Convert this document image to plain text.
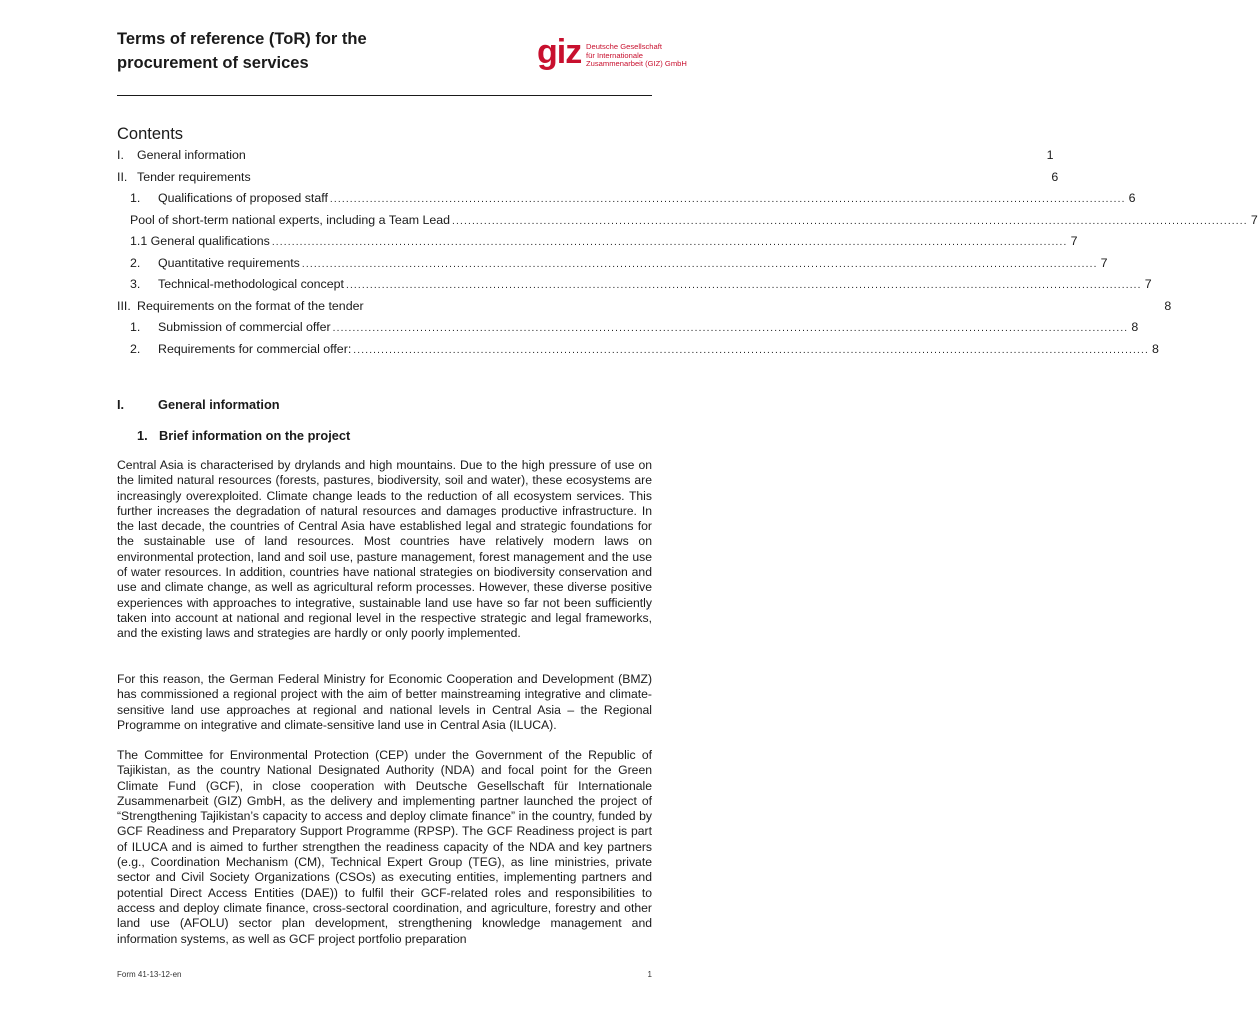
Terms of reference (ToR) for the
procurement of services	giz Deutsche Gesellschaft
für Internationale
Zusammenarbeit (GIZ) GmbH
Contents
I.	General information	1
II. Tender requirements	6
1.	Qualifications of proposed staff ........................................................................................................................................................................................................ 6
Pool of short-term national experts, including a Team Lead ........................................................................................................................................................................................................ 7
1.1 General qualifications ........................................................................................................................................................................................................ 7
2.	Quantitative requirements ........................................................................................................................................................................................................ 7
3.	Technical-methodological concept ........................................................................................................................................................................................................ 7
III. Requirements on the format of the tender	8
1.	Submission of commercial offer ........................................................................................................................................................................................................ 8
2.	Requirements for commercial offer: ........................................................................................................................................................................................................ 8
I.	General information
1. Brief information on the project

Central Asia is characterised by drylands and high mountains. Due to the high pressure of use on the limited natural resources (forests, pastures, biodiversity, soil and water), these ecosystems are increasingly overexploited. Climate change leads to the reduction of all ecosystem services. This further increases the degradation of natural resources and damages productive infrastructure. In the last decade, the countries of Central Asia have established legal and strategic foundations for the sustainable use of land resources. Most countries have relatively modern laws on environmental protection, land and soil use, pasture management, forest management and the use of water resources. In addition, countries have national strategies on biodiversity conservation and use and climate change, as well as agricultural reform processes. However, these diverse positive experiences with approaches to integrative, sustainable land use have so far not been sufficiently taken into account at national and regional level in the respective strategic and legal frameworks, and the existing laws and strategies are hardly or only poorly implemented.

For this reason, the German Federal Ministry for Economic Cooperation and Development (BMZ) has commissioned a regional project with the aim of better mainstreaming integrative and climate-sensitive land use approaches at regional and national levels in Central Asia – the Regional Programme on integrative and climate-sensitive land use in Central Asia (ILUCA).

The Committee for Environmental Protection (CEP) under the Government of the Republic of Tajikistan, as the country National Designated Authority (NDA) and focal point for the Green Climate Fund (GCF), in close cooperation with Deutsche Gesellschaft für Internationale Zusammenarbeit (GIZ) GmbH, as the delivery and implementing partner launched the project of “Strengthening Tajikistan’s capacity to access and deploy climate finance” in the country, funded by GCF Readiness and Preparatory Support Programme (RPSP). The GCF Readiness project is part of ILUCA and is aimed to further strengthen the readiness capacity of the NDA and key partners (e.g., Coordination Mechanism (CM), Technical Expert Group (TEG), as line ministries, private sector and Civil Society Organizations (CSOs) as executing entities, implementing partners and potential Direct Access Entities (DAE)) to fulfil their GCF-related roles and responsibilities to access and deploy climate finance, cross-sectoral coordination, and agriculture, forestry and other land use (AFOLU) sector plan development, strengthening knowledge management and information systems, as well as GCF project portfolio preparation

Form 41-13-12-en	1
